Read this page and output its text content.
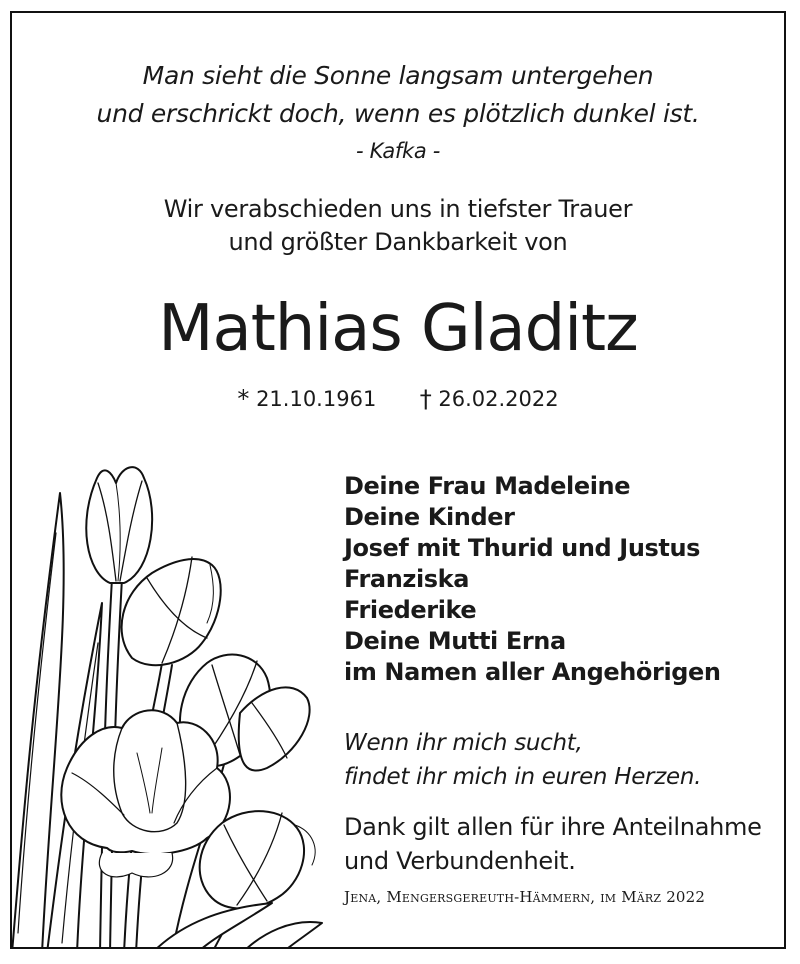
Man sieht die Sonne langsam untergehen
und erschrickt doch, wenn es plötzlich dunkel ist.
- Kafka -
Wir verabschieden uns in tiefster Trauer
und größter Dankbarkeit von
Mathias Gladitz
* 21.10.1961 † 26.02.2022
Deine Frau Madeleine
Deine Kinder
Josef mit Thurid und Justus
Franziska
Friederike
Deine Mutti Erna
im Namen aller Angehörigen
Wenn ihr mich sucht,
findet ihr mich in euren Herzen.
Dank gilt allen für ihre Anteilnahme
und Verbundenheit.
Jena, Mengersgereuth-Hämmern, im März 2022
